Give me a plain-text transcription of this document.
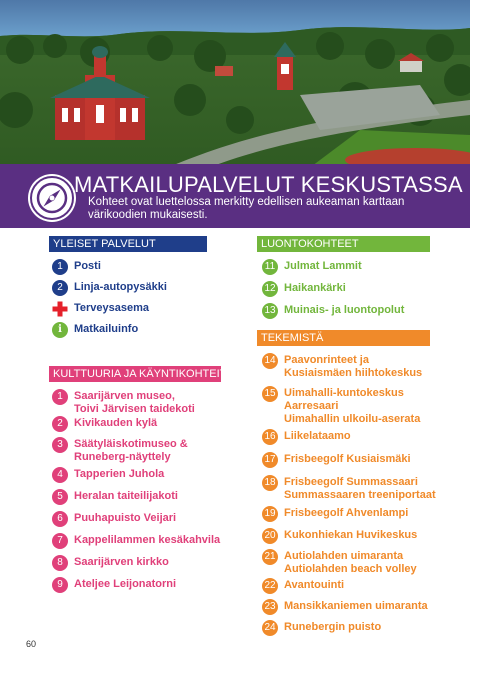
MATKAILUPALVELUT KESKUSTASSA
Kohteet ovat luettelossa merkitty edellisen aukeaman karttaan
värikoodien mukaisesti.
YLEISET PALVELUT
1	Posti
2	Linja-autopysäkki
Terveysasema
i	Matkailuinfo
KULTTUURIA JA KÄYNTIKOHTEITA
1	Saarijärven museo,
Toivi Järvisen taidekoti
2	Kivikauden kylä
3	Säätyläiskotimuseo &
Runeberg-näyttely
4	Tapperien Juhola
5	Heralan taiteilijakoti
6	Puuhapuisto Veijari
7	Kappelilammen kesäkahvila
8	Saarijärven kirkko
9	Ateljee Leijonatorni
LUONTOKOHTEET
11 Julmat Lammit
12 Haikankärki
13 Muinais- ja luontopolut
TEKEMISTÄ
14 Paavonrinteet ja
Kusiaismäen hiihtokeskus
15 Uimahalli-kuntokeskus
Aarresaari
Uimahallin ulkoilu-aserata
16 Liikelataamo
17 Frisbeegolf Kusiaismäki
18 Frisbeegolf Summassaari
Summassaaren treeniportaat
19 Frisbeegolf Ahvenlampi
20 Kukonhiekan Huvikeskus
21 Autiolahden uimaranta
Autiolahden beach volley
22 Avantouinti
23 Mansikkaniemen uimaranta
24 Runebergin puisto
60
